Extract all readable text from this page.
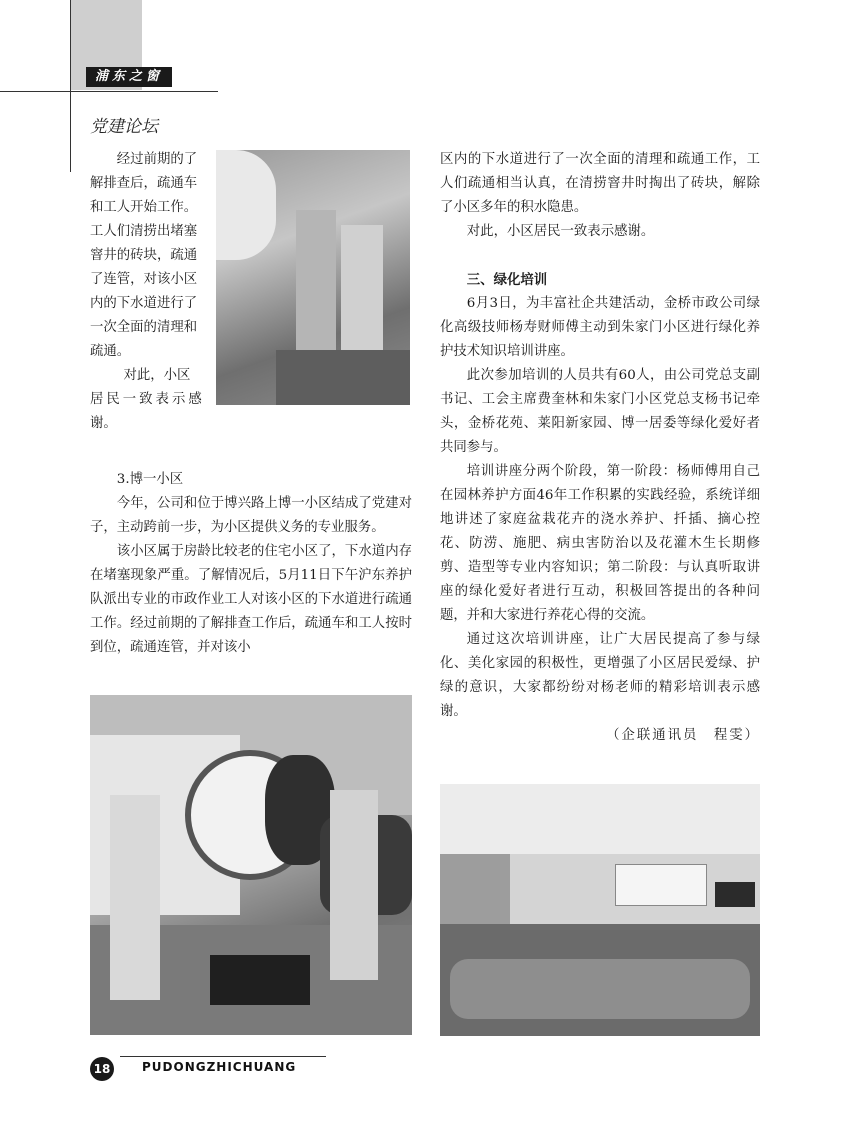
浦东之窗
党建论坛

经过前期的了

解排查后，疏通车

和工人开始工作。

工人们清捞出堵塞

窨井的砖块，疏通

了连管，对该小区

内的下水道进行了

一次全面的清理和

疏通。

对此，小区

居民一致表示感

谢。

3.博一小区

今年，公司和位于博兴路上博一小区结成了党建对子，主动跨前一步，为小区提供义务的专业服务。

该小区属于房龄比较老的住宅小区了，下水道内存在堵塞现象严重。了解情况后，5月11日下午沪东养护队派出专业的市政作业工人对该小区的下水道进行疏通工作。经过前期的了解排查工作后，疏通车和工人按时到位，疏通连管，并对该小

区内的下水道进行了一次全面的清理和疏通工作，工人们疏通相当认真，在清捞窨井时掏出了砖块，解除了小区多年的积水隐患。

对此，小区居民一致表示感谢。

三、绿化培训

6月3日，为丰富社企共建活动，金桥市政公司绿化高级技师杨寿财师傅主动到朱家门小区进行绿化养护技术知识培训讲座。

此次参加培训的人员共有60人，由公司党总支副书记、工会主席费奎林和朱家门小区党总支杨书记牵头，金桥花苑、莱阳新家园、博一居委等绿化爱好者共同参与。

培训讲座分两个阶段，第一阶段：杨师傅用自己在园林养护方面46年工作积累的实践经验，系统详细地讲述了家庭盆栽花卉的浇水养护、扦插、摘心控花、防涝、施肥、病虫害防治以及花灌木生长期修剪、造型等专业内容知识；第二阶段：与认真听取讲座的绿化爱好者进行互动，积极回答提出的各种问题，并和大家进行养花心得的交流。

通过这次培训讲座，让广大居民提高了参与绿化、美化家园的积极性，更增强了小区居民爱绿、护绿的意识，大家都纷纷对杨老师的精彩培训表示感谢。

（企联通讯员　程雯）

18	PUDONGZHICHUANG
